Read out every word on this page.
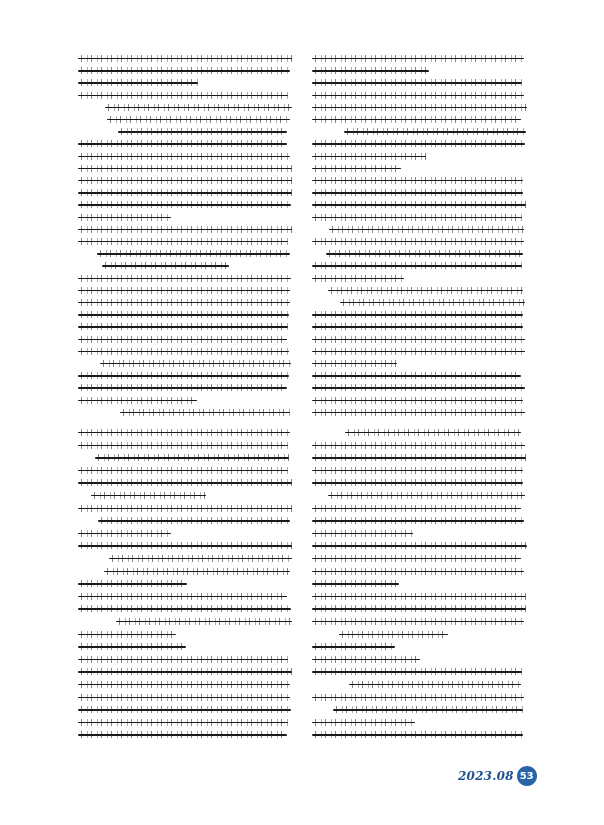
2023.08 53
